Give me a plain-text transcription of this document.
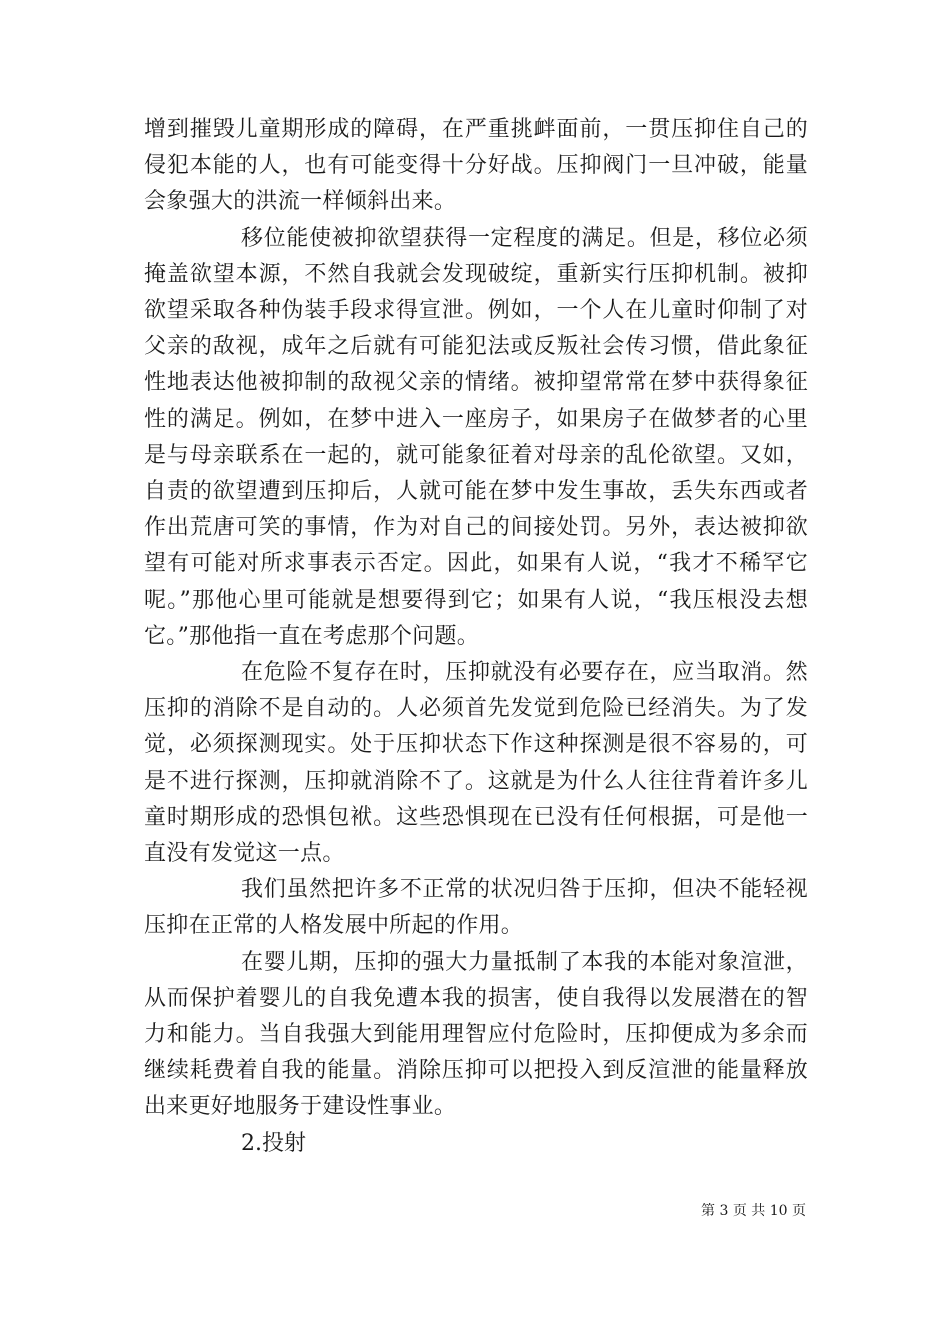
增到摧毁儿童期形成的障碍，在严重挑衅面前，一贯压抑住自己的侵犯本能的人，也有可能变得十分好战。压抑阀门一旦冲破，能量会象强大的洪流一样倾斜出来。

移位能使被抑欲望获得一定程度的满足。但是，移位必须掩盖欲望本源，不然自我就会发现破绽，重新实行压抑机制。被抑欲望采取各种伪装手段求得宣泄。例如，一个人在儿童时仰制了对父亲的敌视，成年之后就有可能犯法或反叛社会传习惯，借此象征性地表达他被抑制的敌视父亲的情绪。被抑望常常在梦中获得象征性的满足。例如，在梦中进入一座房子，如果房子在做梦者的心里是与母亲联系在一起的，就可能象征着对母亲的乱伦欲望。又如，自责的欲望遭到压抑后，人就可能在梦中发生事故，丢失东西或者作出荒唐可笑的事情，作为对自己的间接处罚。另外，表达被抑欲望有可能对所求事表示否定。因此，如果有人说，“我才不稀罕它呢。”那他心里可能就是想要得到它；如果有人说，“我压根没去想它。”那他指一直在考虑那个问题。

在危险不复存在时，压抑就没有必要存在，应当取消。然压抑的消除不是自动的。人必须首先发觉到危险已经消失。为了发觉，必须探测现实。处于压抑状态下作这种探测是很不容易的，可是不进行探测，压抑就消除不了。这就是为什么人往往背着许多儿童时期形成的恐惧包袱。这些恐惧现在已没有任何根据，可是他一直没有发觉这一点。

我们虽然把许多不正常的状况归咎于压抑，但决不能轻视压抑在正常的人格发展中所起的作用。

在婴儿期，压抑的强大力量抵制了本我的本能对象渲泄，从而保护着婴儿的自我免遭本我的损害，使自我得以发展潜在的智力和能力。当自我强大到能用理智应付危险时，压抑便成为多余而继续耗费着自我的能量。消除压抑可以把投入到反渲泄的能量释放出来更好地服务于建设性事业。

2.投射

第 3 页 共 10 页
